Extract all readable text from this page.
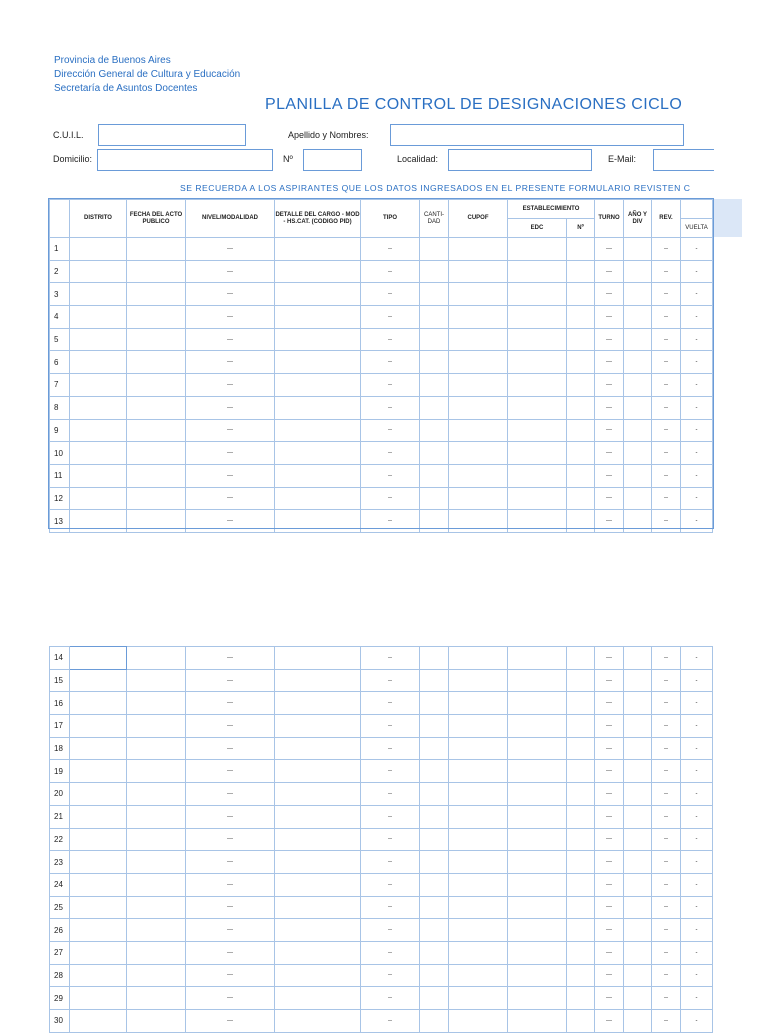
Provincia de Buenos Aires
Dirección General de Cultura y Educación
Secretaría de Asuntos Docentes
PLANILLA DE CONTROL DE DESIGNACIONES CICLO
C.U.I.L.	Apellido y Nombres:
Domicilio:	Nº	Localidad:	E-Mail:
SE RECUERDA A LOS ASPIRANTES QUE LOS DATOS INGRESADOS EN EL PRESENTE FORMULARIO REVISTEN C
	DISTRITO	FECHA DEL ACTO PUBLICO	NIVEL/MODALIDAD	DETALLE DEL CARGO - MOD - HS.CAT. (CODIGO PID)	TIPO	CANTI-DAD	CUPOF	ESTABLECIMIENTO		TURNO	AÑO Y DIV	REV.	
								EDC	Nº				VUELTA
1			---		--					---		--	-
2			---		--					---		--	-
3			---		--					---		--	-
4			---		--					---		--	-
5			---		--					---		--	-
6			---		--					---		--	-
7			---		--					---		--	-
8			---		--					---		--	-
9			---		--					---		--	-
10			---		--					---		--	-
11			---		--					---		--	-
12			---		--					---		--	-
13			---		--					---		--	-
14			---		--					---		--	-
15			---		--					---		--	-
16			---		--					---		--	-
17			---		--					---		--	-
18			---		--					---		--	-
19			---		--					---		--	-
20			---		--					---		--	-
21			---		--					---		--	-
22			---		--					---		--	-
23			---		--					---		--	-
24			---		--					---		--	-
25			---		--					---		--	-
26			---		--					---		--	-
27			---		--					---		--	-
28			---		--					---		--	-
29			---		--					---		--	-
30			---		--					---		--	-
